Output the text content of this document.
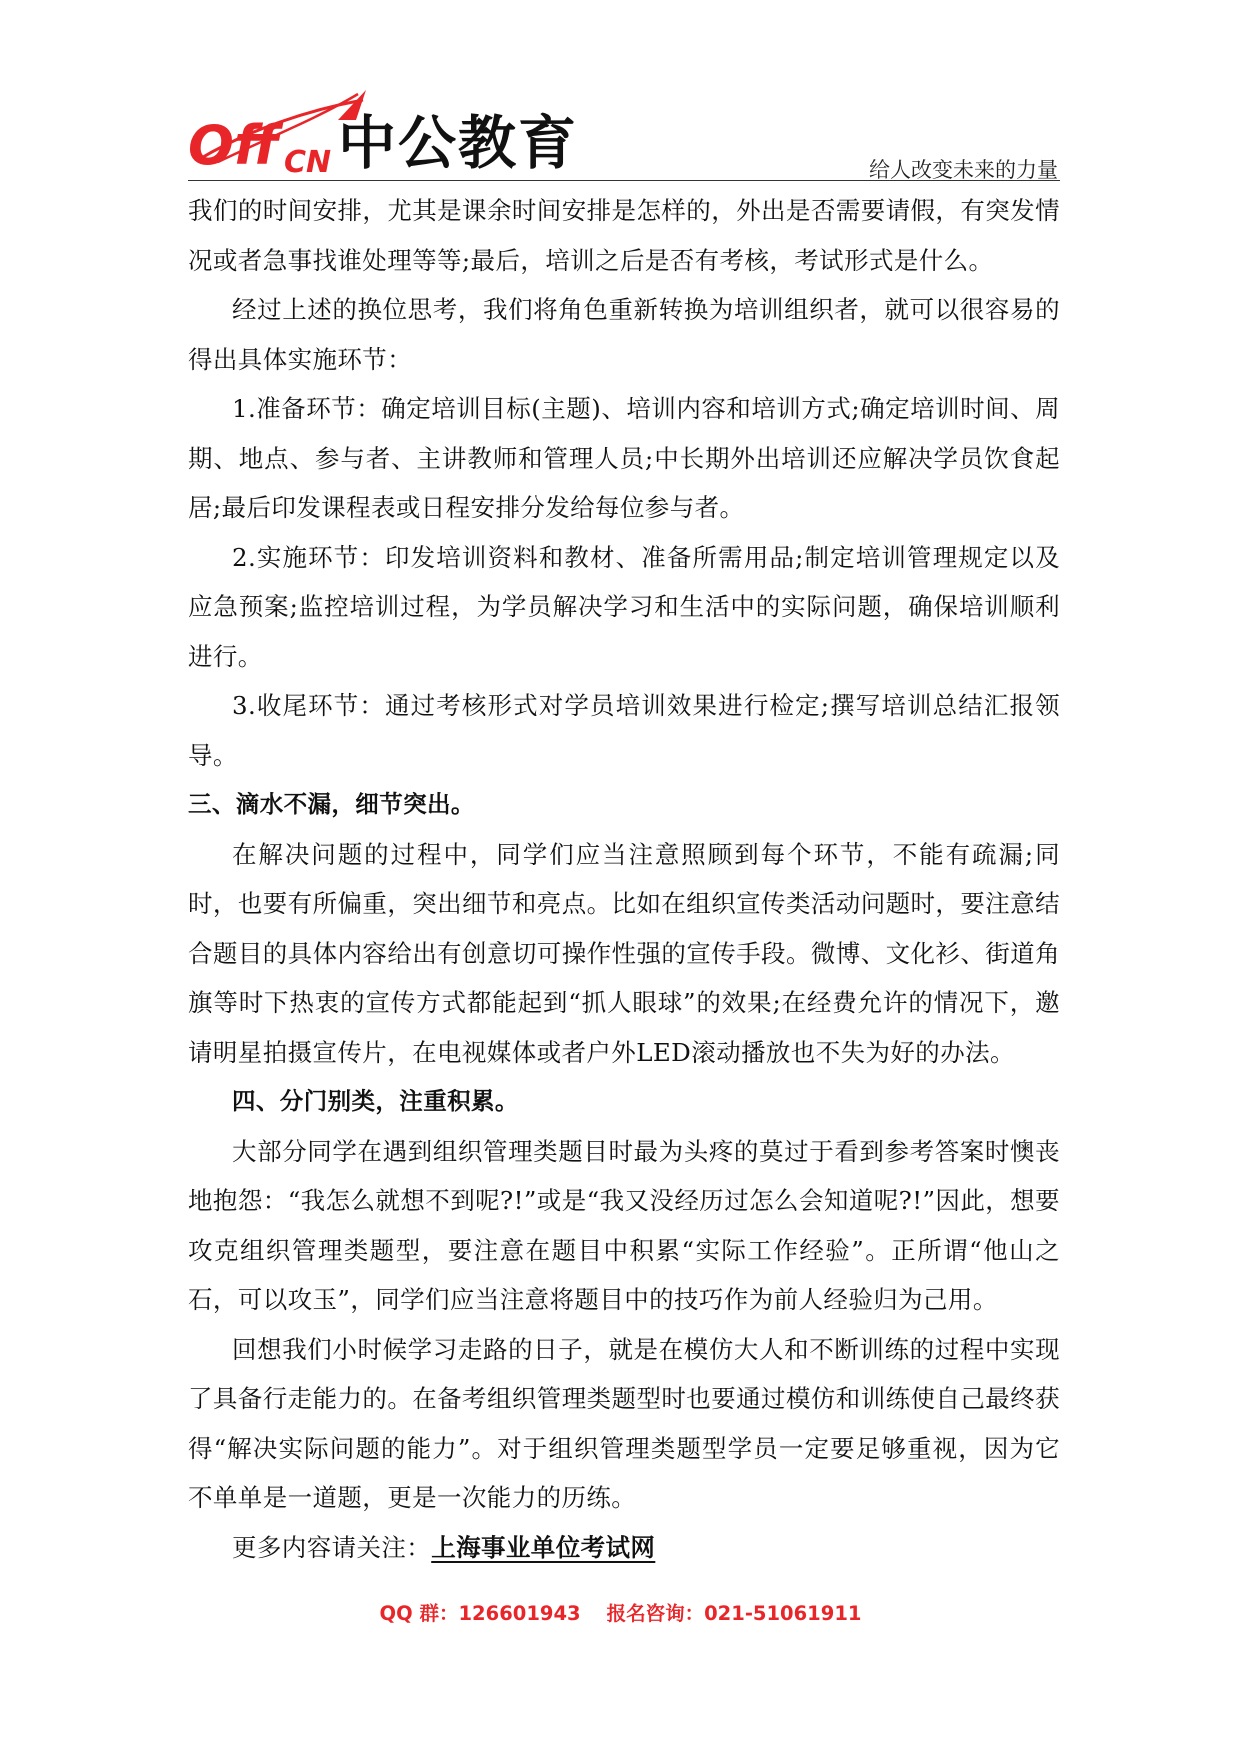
Off CN 中公教育	给人改变未来的力量

我们的时间安排，尤其是课余时间安排是怎样的，外出是否需要请假，有突发情况或者急事找谁处理等等;最后，培训之后是否有考核，考试形式是什么。

经过上述的换位思考，我们将角色重新转换为培训组织者，就可以很容易的得出具体实施环节：

1.准备环节：确定培训目标(主题)、培训内容和培训方式;确定培训时间、周期、地点、参与者、主讲教师和管理人员;中长期外出培训还应解决学员饮食起居;最后印发课程表或日程安排分发给每位参与者。

2.实施环节：印发培训资料和教材、准备所需用品;制定培训管理规定以及应急预案;监控培训过程，为学员解决学习和生活中的实际问题，确保培训顺利进行。

3.收尾环节：通过考核形式对学员培训效果进行检定;撰写培训总结汇报领导。

三、滴水不漏，细节突出。

在解决问题的过程中，同学们应当注意照顾到每个环节，不能有疏漏;同时，也要有所偏重，突出细节和亮点。比如在组织宣传类活动问题时，要注意结合题目的具体内容给出有创意切可操作性强的宣传手段。微博、文化衫、街道角旗等时下热衷的宣传方式都能起到“抓人眼球”的效果;在经费允许的情况下，邀请明星拍摄宣传片，在电视媒体或者户外LED滚动播放也不失为好的办法。

四、分门别类，注重积累。

大部分同学在遇到组织管理类题目时最为头疼的莫过于看到参考答案时懊丧地抱怨：“我怎么就想不到呢?!”或是“我又没经历过怎么会知道呢?!”因此，想要攻克组织管理类题型，要注意在题目中积累“实际工作经验”。正所谓“他山之石，可以攻玉”，同学们应当注意将题目中的技巧作为前人经验归为己用。

回想我们小时候学习走路的日子，就是在模仿大人和不断训练的过程中实现了具备行走能力的。在备考组织管理类题型时也要通过模仿和训练使自己最终获得“解决实际问题的能力”。对于组织管理类题型学员一定要足够重视，因为它不单单是一道题，更是一次能力的历练。

更多内容请关注：上海事业单位考试网

QQ 群：126601943 报名咨询：021-51061911
